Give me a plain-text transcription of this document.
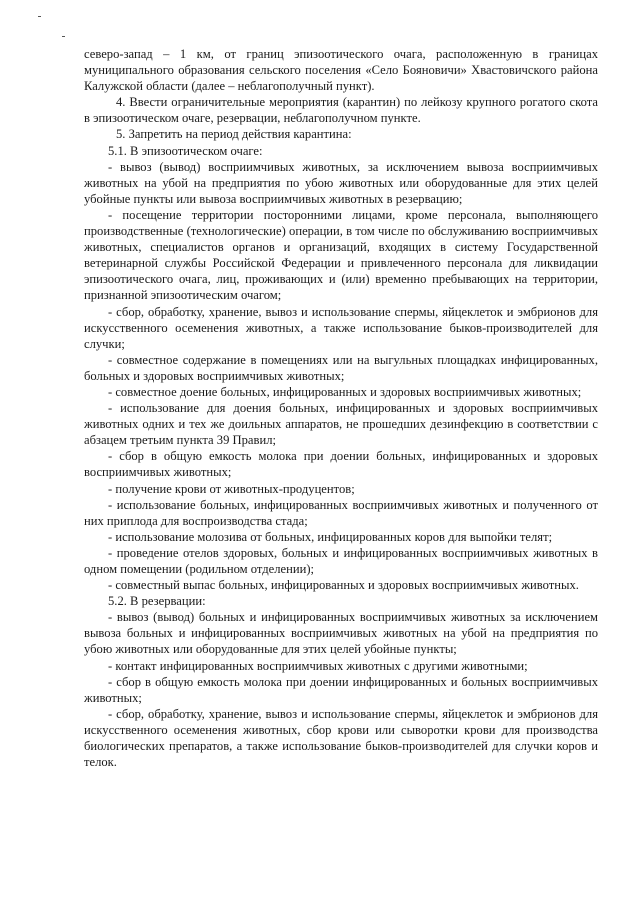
северо-запад – 1 км, от границ эпизоотического очага, расположенную в границах муниципального образования сельского поселения «Село Бояновичи» Хвастовичского района Калужской области (далее – неблагополучный пункт).

4. Ввести ограничительные мероприятия (карантин) по лейкозу крупного рогатого скота в эпизоотическом очаге, резервации, неблагополучном пункте.

5. Запретить на период действия карантина:

5.1. В эпизоотическом очаге:

- вывоз (вывод) восприимчивых животных, за исключением вывоза восприимчивых животных на убой на предприятия по убою животных или оборудованные для этих целей убойные пункты или вывоза восприимчивых животных в резервацию;

- посещение территории посторонними лицами, кроме персонала, выполняющего производственные (технологические) операции, в том числе по обслуживанию восприимчивых животных, специалистов органов и организаций, входящих в систему Государственной ветеринарной службы Российской Федерации и привлеченного персонала для ликвидации эпизоотического очага, лиц, проживающих и (или) временно пребывающих на территории, признанной эпизоотическим очагом;

- сбор, обработку, хранение, вывоз и использование спермы, яйцеклеток и эмбрионов для искусственного осеменения животных, а также использование быков-производителей для случки;

- совместное содержание в помещениях или на выгульных площадках инфицированных, больных и здоровых восприимчивых животных;

- совместное доение больных, инфицированных и здоровых восприимчивых животных;

- использование для доения больных, инфицированных и здоровых восприимчивых животных одних и тех же доильных аппаратов, не прошедших дезинфекцию в соответствии с абзацем третьим пункта 39 Правил;

- сбор в общую емкость молока при доении больных, инфицированных и здоровых восприимчивых животных;

- получение крови от животных-продуцентов;

- использование больных, инфицированных восприимчивых животных и полученного от них приплода для воспроизводства стада;

- использование молозива от больных, инфицированных коров для выпойки телят;

- проведение отелов здоровых, больных и инфицированных восприимчивых животных в одном помещении (родильном отделении);

- совместный выпас больных, инфицированных и здоровых восприимчивых животных.

5.2. В резервации:

- вывоз (вывод) больных и инфицированных восприимчивых животных за исключением вывоза больных и инфицированных восприимчивых животных на убой на предприятия по убою животных или оборудованные для этих целей убойные пункты;

- контакт инфицированных восприимчивых животных с другими животными;

- сбор в общую емкость молока при доении инфицированных и больных восприимчивых животных;

- сбор, обработку, хранение, вывоз и использование спермы, яйцеклеток и эмбрионов для искусственного осеменения животных, сбор крови или сыворотки крови для производства биологических препаратов, а также использование быков-производителей для случки коров и телок.
